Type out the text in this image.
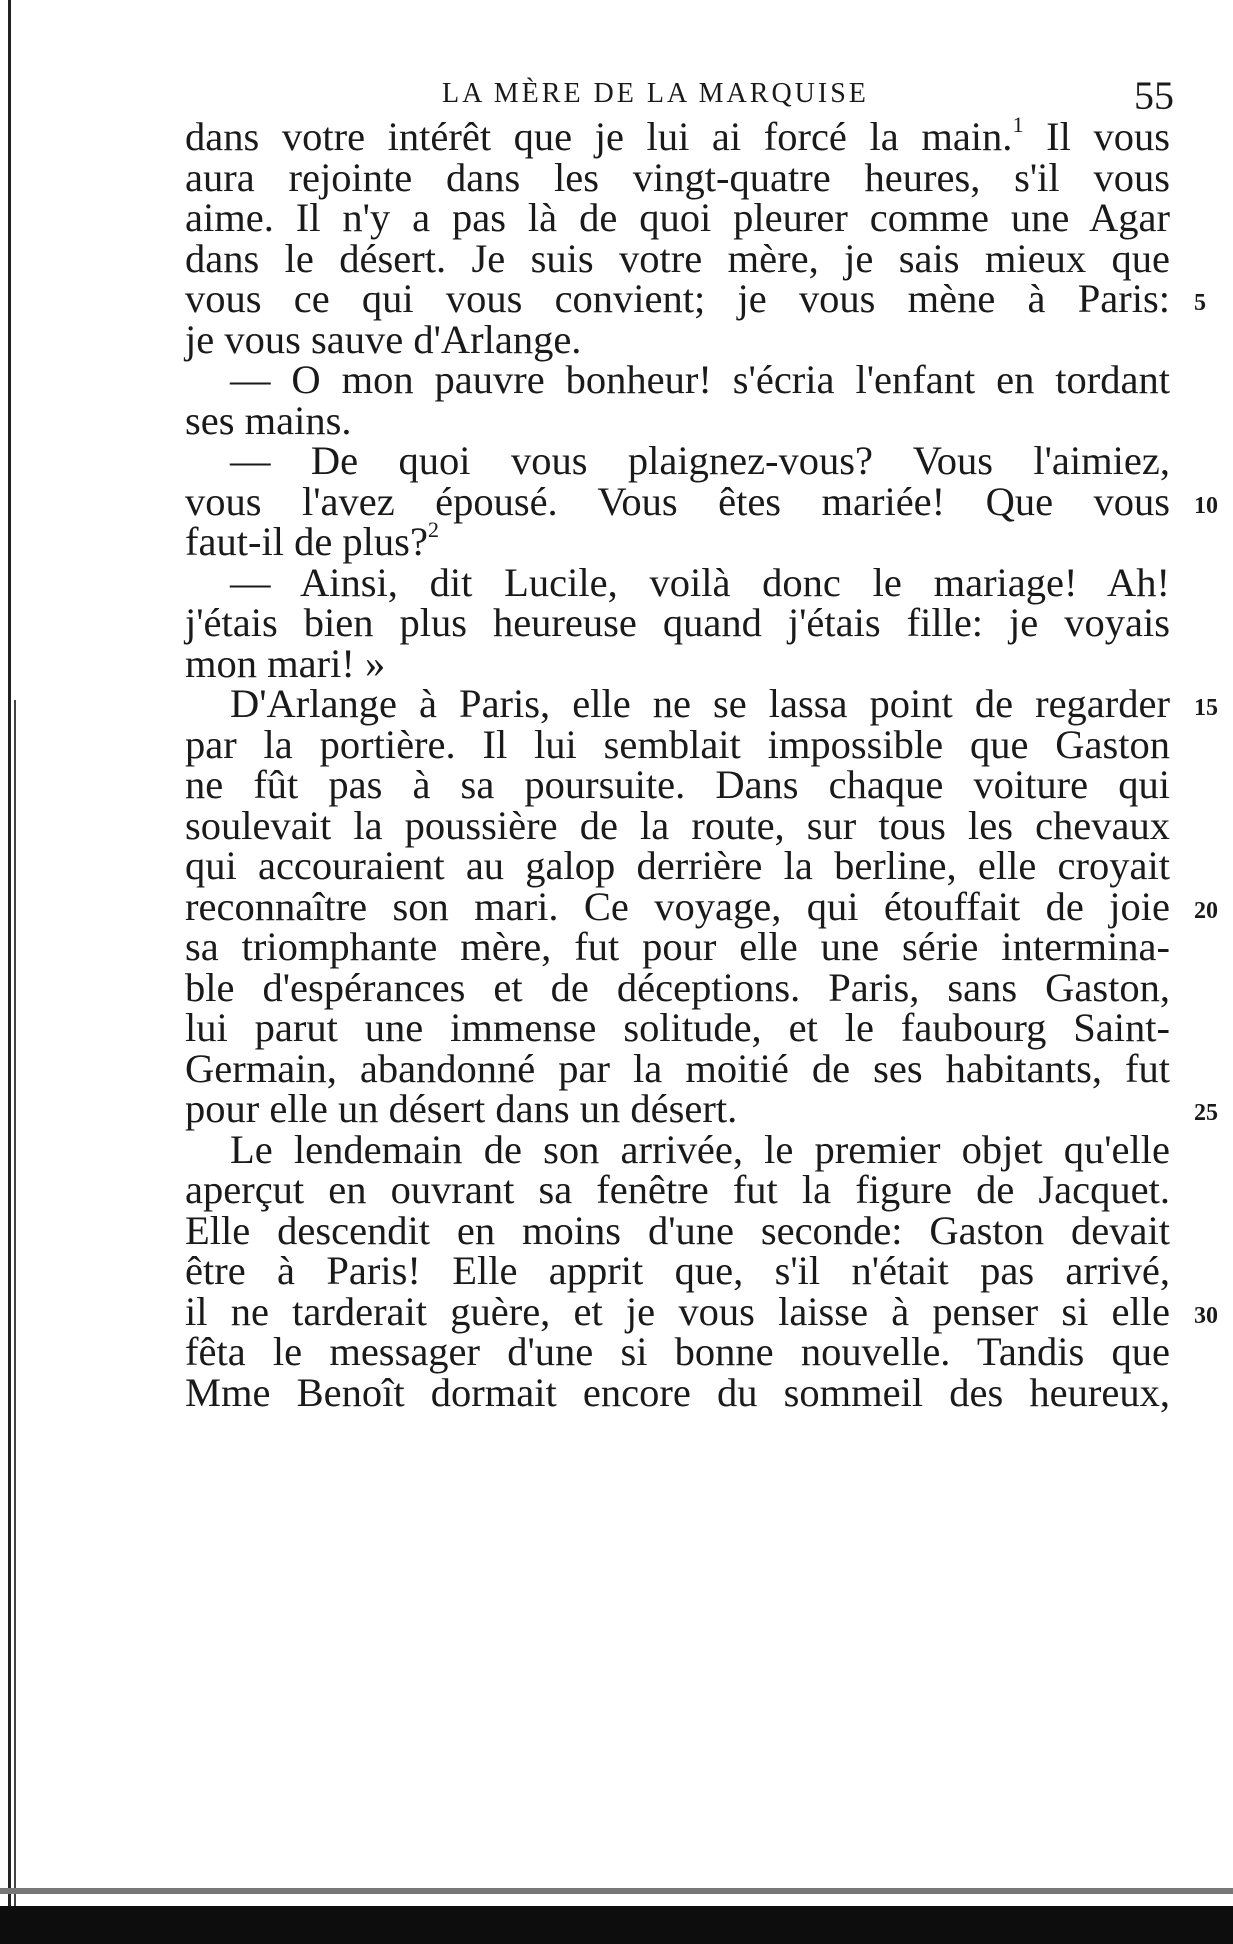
LA MÈRE DE LA MARQUISE	55
dans votre intérêt que je lui ai forcé la main.$^1$ Il vous
aura rejointe dans les vingt-quatre heures, s'il vous
aime. Il n'y a pas là de quoi pleurer comme une Agar
dans le désert. Je suis votre mère, je sais mieux que
vous ce qui vous convient; je vous mène à Paris:
je vous sauve d'Arlange.
— O mon pauvre bonheur! s'écria l'enfant en tordant
ses mains.
— De quoi vous plaignez-vous? Vous l'aimiez,
vous l'avez épousé. Vous êtes mariée! Que vous
faut-il de plus?$^2$
— Ainsi, dit Lucile, voilà donc le mariage! Ah!
j'étais bien plus heureuse quand j'étais fille: je voyais
mon mari! »
D'Arlange à Paris, elle ne se lassa point de regarder
par la portière. Il lui semblait impossible que Gaston
ne fût pas à sa poursuite. Dans chaque voiture qui
soulevait la poussière de la route, sur tous les chevaux
qui accouraient au galop derrière la berline, elle croyait
reconnaître son mari. Ce voyage, qui étouffait de joie
sa triomphante mère, fut pour elle une série intermina-
ble d'espérances et de déceptions. Paris, sans Gaston,
lui parut une immense solitude, et le faubourg Saint-
Germain, abandonné par la moitié de ses habitants, fut
pour elle un désert dans un désert.
Le lendemain de son arrivée, le premier objet qu'elle
aperçut en ouvrant sa fenêtre fut la figure de Jacquet.
Elle descendit en moins d'une seconde: Gaston devait
être à Paris! Elle apprit que, s'il n'était pas arrivé,
il ne tarderait guère, et je vous laisse à penser si elle
fêta le messager d'une si bonne nouvelle. Tandis que
Mme Benoît dormait encore du sommeil des heureux,
5
10
15
20
25
30
